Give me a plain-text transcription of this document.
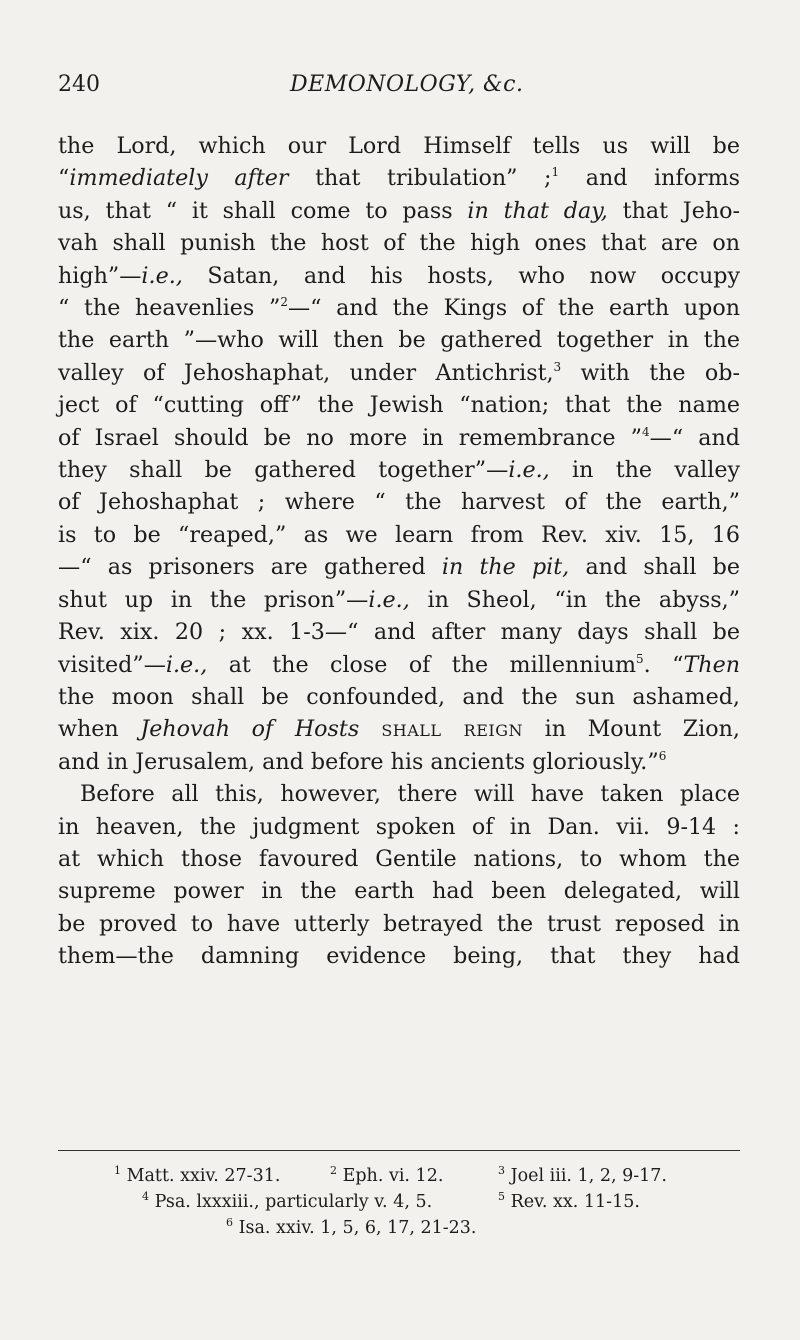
240	DEMONOLOGY, &c.
the Lord, which our Lord Himself tells us will be
“immediately after that tribulation” ;$^1$ and informs
us, that “ it shall come to pass in that day, that Jeho-
vah shall punish the host of the high ones that are on
high”—i.e., Satan, and his hosts, who now occupy
“ the heavenlies ”$^2$—“ and the Kings of the earth upon
the earth ”—who will then be gathered together in the
valley of Jehoshaphat, under Antichrist,$^3$ with the ob-
ject of “cutting off” the Jewish “nation; that the name
of Israel should be no more in remembrance ”$^4$—“ and
they shall be gathered together”—i.e., in the valley
of Jehoshaphat ; where “ the harvest of the earth,”
is to be “reaped,” as we learn from Rev. xiv. 15, 16
—“ as prisoners are gathered in the pit, and shall be
shut up in the prison”—i.e., in Sheol, “in the abyss,”
Rev. xix. 20 ; xx. 1-3—“ and after many days shall be
visited”—i.e., at the close of the millennium$^5$. “Then
the moon shall be confounded, and the sun ashamed,
when Jehovah of Hosts shall reign in Mount Zion,
and in Jerusalem, and before his ancients gloriously.”$^6$
Before all this, however, there will have taken place
in heaven, the judgment spoken of in Dan. vii. 9-14 :
at which those favoured Gentile nations, to whom the
supreme power in the earth had been delegated, will
be proved to have utterly betrayed the trust reposed in
them—the damning evidence being, that they had
$^1$ Matt. xxiv. 27-31.	$^2$ Eph. vi. 12.	$^3$ Joel iii. 1, 2, 9-17.
$^4$ Psa. lxxxiii., particularly v. 4, 5.	$^5$ Rev. xx. 11-15.
$^6$ Isa. xxiv. 1, 5, 6, 17, 21-23.
